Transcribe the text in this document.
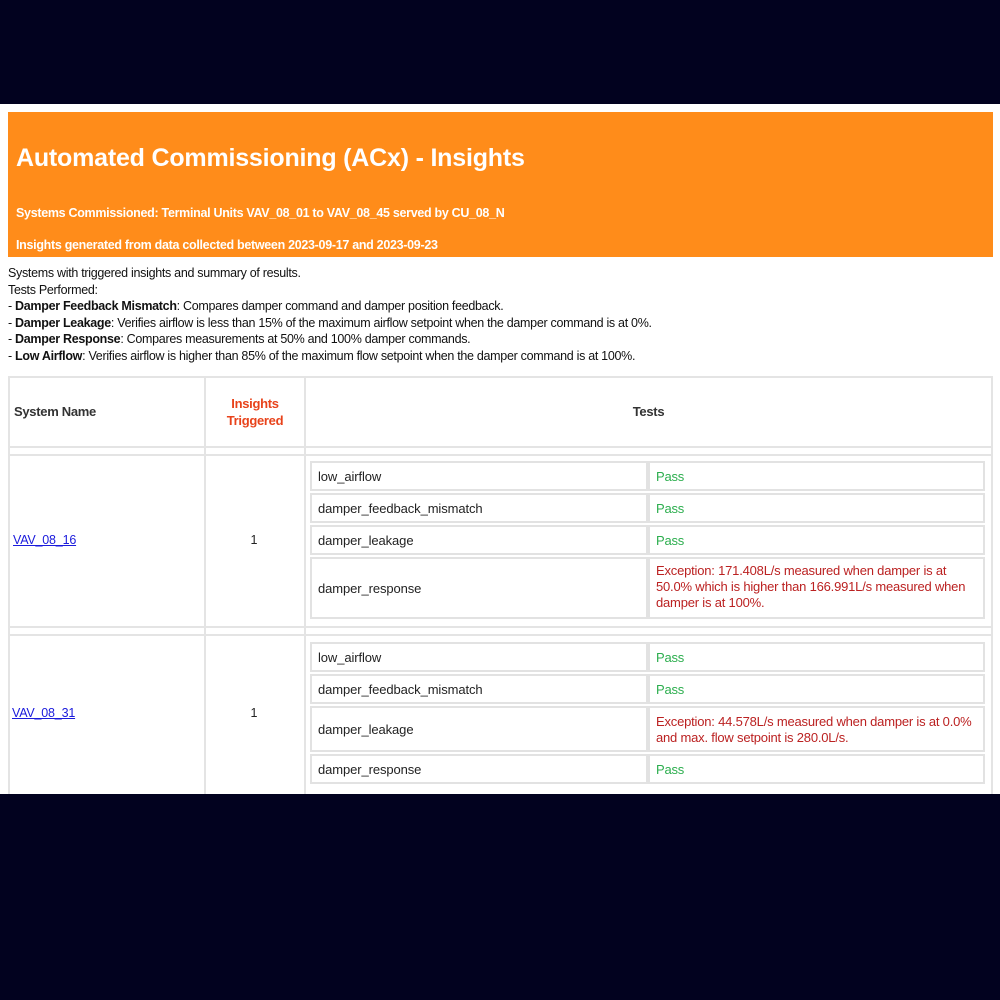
Automated Commissioning (ACx) - Insights
Systems Commissioned: Terminal Units VAV_08_01 to VAV_08_45 served by CU_08_N
Insights generated from data collected between 2023-09-17 and 2023-09-23
Systems with triggered insights and summary of results.
Tests Performed:
- Damper Feedback Mismatch: Compares damper command and damper position feedback.
- Damper Leakage: Verifies airflow is less than 15% of the maximum airflow setpoint when the damper command is at 0%.
- Damper Response: Compares measurements at 50% and 100% damper commands.
- Low Airflow: Verifies airflow is higher than 85% of the maximum flow setpoint when the damper command is at 100%.
System Name
Insights
Triggered
Tests
VAV_08_16	1
low_airflow	Pass
damper_feedback_mismatch	Pass
damper_leakage	Pass
damper_response
Exception: 171.408L/s measured when damper is at 50.0% which is higher than 166.991L/s measured when damper is at 100%.
VAV_08_31	1
low_airflow	Pass
damper_feedback_mismatch	Pass
damper_leakage
Exception: 44.578L/s measured when damper is at 0.0% and max. flow setpoint is 280.0L/s.
damper_response	Pass
